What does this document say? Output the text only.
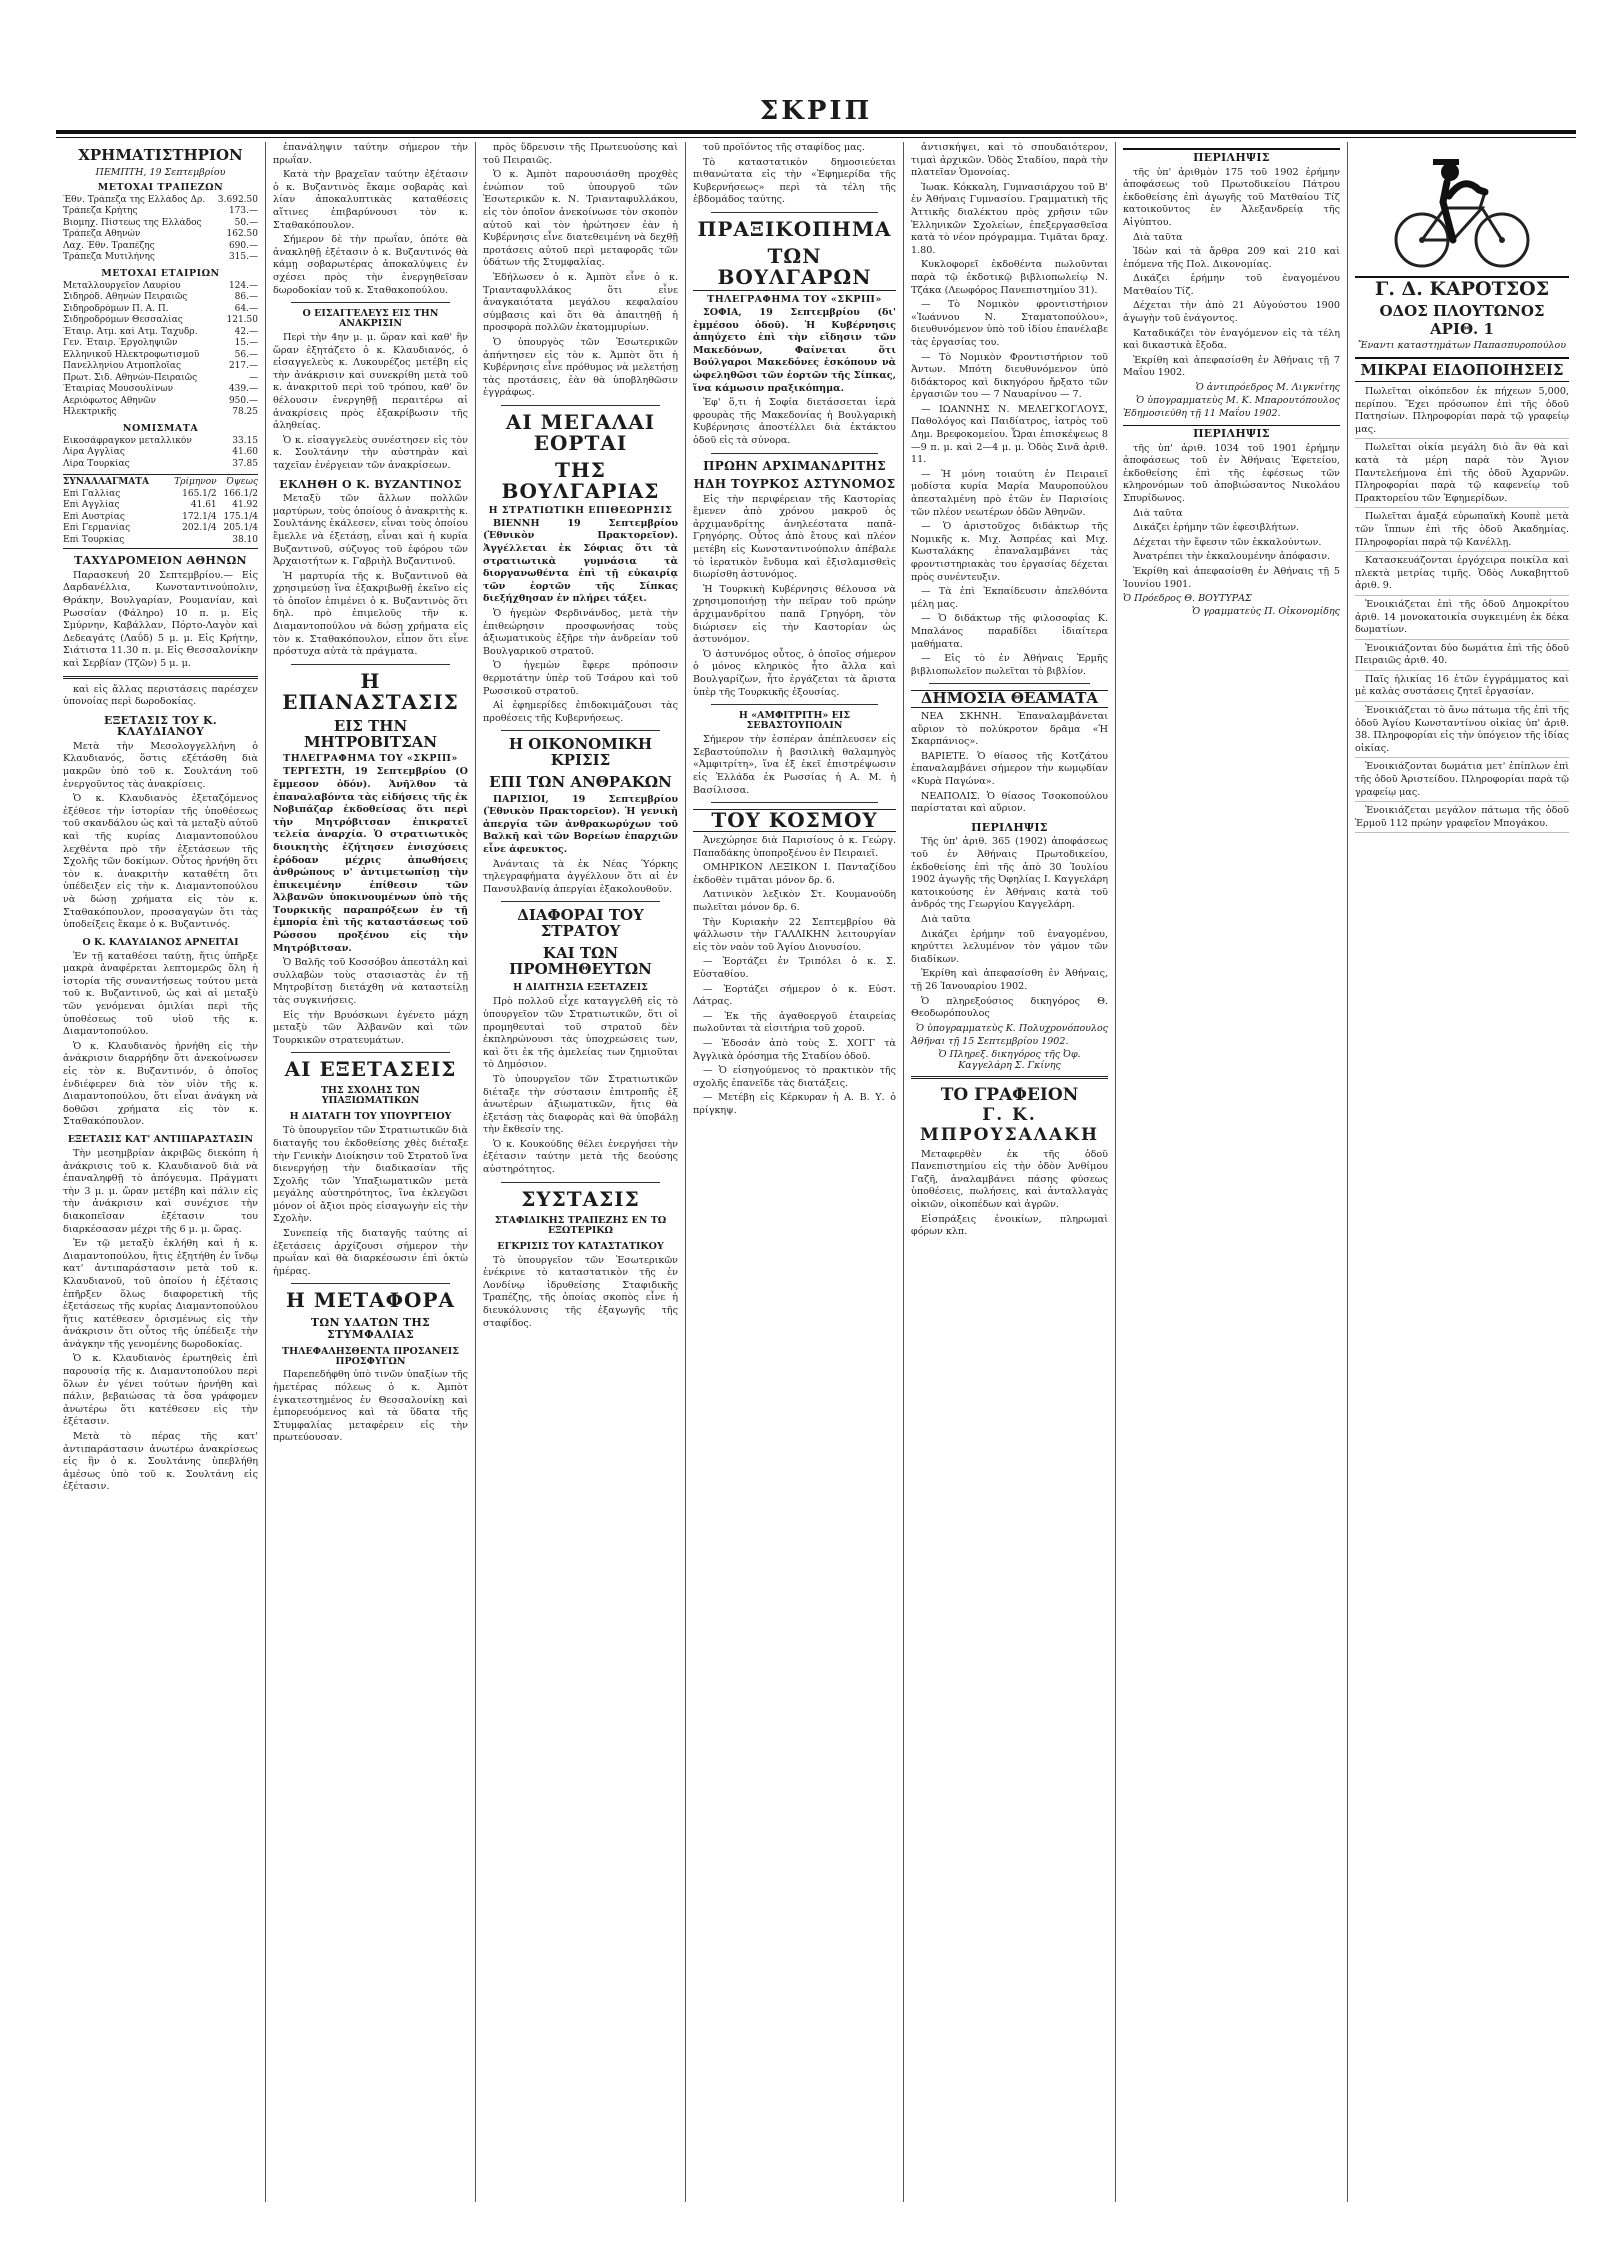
ΣΚΡΙΠ
ΧΡΗΜΑΤΙΣΤΗΡΙΟΝ
ΠΕΜΠΤΗ, 19 Σεπτεμβρίου
ΜΕΤΟΧΑΙ ΤΡΑΠΕΖΩΝ
Έθν. Τράπεζα της Ελλάδος Δρ.	3.692.50
Τράπεζα Κρήτης	173.—
Βιομηχ. Πίστεως της Ελλάδος	50.—
Τράπεζα Αθηνών	162.50
Λαχ. Έθν. Τραπέζης	690.—
Τράπεζα Μυτιλήνης	315.—
ΜΕΤΟΧΑΙ ΕΤΑΙΡΙΩΝ
Μεταλλουργεῖον Λαυρίου	124.—
Σιδηρόδ. Αθηνών Πειραιῶς	86.—
Σιδηροδρόμων Π. Α. Π.	64.—
Σιδηροδρόμων Θεσσαλίας	121.50
Έταιρ. Ατμ. καὶ Ατμ. Ταχυδρ.	42.—
Γεν. Έταιρ. Έργοληψιῶν	15.—
Ελληνικοῦ Ηλεκτροφωτισμοῦ	56.—
Πανελληνίου Ατμοπλοΐας	217.—
Πρωτ. Σιδ. Αθηνών-Πειραιῶς	—
Έταιρίας Μουσουλίνων	439.—
Αεριόφωτος Αθηνῶν	950.—
Ηλεκτρικῆς	78.25
ΝΟΜΙΣΜΑΤΑ
Εικοσάφραγκον μεταλλικόν	33.15
Λίρα Αγγλίας	41.60
Λίρα Τουρκίας	37.85
ΣΥΝΑΛΛΑΓΜΑΤΑ	Τρίμηνον	Όψεως
Επὶ Γαλλίας	165.1/2	166.1/2
Επὶ Αγγλίας	41.61	41.92
Επὶ Αυστρίας	172.1/4	175.1/4
Επὶ Γερμανίας	202.1/4	205.1/4
Επὶ Τουρκίας		38.10
ΤΑΧΥΔΡΟΜΕΙΟΝ ΑΘΗΝΩΝ

Παρασκευή 20 Σεπτεμβρίου.— Εἰς Δαρδανέλλια, Κωνσταντινούπολιν, Θράκην, Βουλγαρίαν, Ρουμανίαν, καὶ Ρωσσίαν (Φάληρο) 10 π. μ. Εἰς Σμύρνην, Καβάλλαν, Πόρτο-Λαγὸν καὶ Δεδεαγάτς (Λαΰδ) 5 μ. μ. Εἰς Κρήτην, Σιάτιστα 11.30 π. μ. Εἰς Θεσσαλονίκην καὶ Σερβίαν (Τζῶν) 5 μ. μ.

καὶ εἰς ἄλλας περιστάσεις παρέσχεν ὑπονοίας περὶ δωροδοκίας.

ΕΞΕΤΑΣΙΣ ΤΟΥ Κ. ΚΛΑΥΔΙΑΝΟΥ

Μετὰ τὴν Μεσολογγελλήνη ὁ Κλαυδιανός, ὅστις εξέτάσθη διὰ μακρῶν ὑπὸ τοῦ κ. Σουλτάνη τοῦ ἐνεργοῦντος τὰς ἀνακρίσεις.

Ὁ κ. Κλαυδιανὸς ἐξεταζόμενος ἐξέθεσε τὴν ἱστορίαν τῆς ὑποθέσεως τοῦ σκανδάλου ὡς καὶ τὰ μεταξὺ αὐτοῦ καὶ τῆς κυρίας Διαμαντοπούλου λεχθέντα πρὸ τῆν ἐξετάσεων τῆς Σχολῆς τῶν δοκίμων. Οὗτος ἠρνήθη ὅτι τὸν κ. ἀνακριτὴν καταθέτη ὅτι ὑπέδειξεν εἰς τὴν κ. Διαμαντοπούλου νὰ δώσῃ χρήματα εἰς τὸν κ. Σταθακόπουλον, προσαγαγὼν ὅτι τὰς ὑποδείξεις ἔκαμε ὁ κ. Βυζαντινός.

Ο Κ. ΚΛΑΥΔΙΑΝΟΣ ΑΡΝΕΙΤΑΙ

Ἐν τῇ καταθέσει ταύτῃ, ἥτις ὑπῆρξε μακρὰ ἀναφέρεται λεπτομερῶς ὅλη ἡ ἱστορία τῆς συναντήσεως τούτου μετὰ τοῦ κ. Βυζαντινοῦ, ὡς καὶ αἱ μεταξὺ τῶν γενόμεναι ὁμιλίαι περὶ τῆς ὑποθέσεως τοῦ υἱοῦ τῆς κ. Διαμαντοπούλου.

Ὁ κ. Κλαυδιανὸς ἠρνήθη εἰς τὴν ἀνάκρισιν διαρρήδην ὅτι ἀνεκοίνωσεν εἰς τὸν κ. Βυζαντινόν, ὁ ὁποῖος ἐνδιέφερεν διὰ τὸν υἱὸν τῆς κ. Διαμαντοπούλου, ὅτι εἶναι ἀνάγκη νὰ δοθῶσι χρήματα εἰς τὸν κ. Σταθακόπουλον.

ΕΞΕΤΑΣΙΣ ΚΑΤ' ΑΝΤΙΠΑΡΑΣΤΑΣΙΝ

Τὴν μεσημβρίαν ἀκριβῶς διεκόπη ἡ ἀνάκρισις τοῦ κ. Κλαυδιανοῦ διὰ νὰ ἐπαναληφθῇ τὸ ἀπόγευμα. Πράγματι τὴν 3 μ. μ. ὥραν μετέβη καὶ πάλιν εἰς τὴν ἀνάκρισιν καὶ συνέχισε τὴν διακοπεῖσαν ἐξέτασιν του διαρκέσασαν μέχρι τῆς 6 μ. μ. ὥρας.

Ἐν τῷ μεταξὺ ἐκλήθη καὶ ἡ κ. Διαμαντοπούλου, ἥτις ἐξητήθη ἐν ἴνδῳ κατ' ἀντιπαράστασιν μετὰ τοῦ κ. Κλαυδιανοῦ, τοῦ ὁποίου ἡ ἐξέτασις ἐπῆρξεν ὅλως διαφορετικὴ τῆς ἐξετάσεως τῆς κυρίας Διαμαντοπούλου ἥτις κατέθεσεν ὁρισμένως εἰς τὴν ἀνάκρισιν ὅτι οὗτος τῆς ὑπέδειξε τὴν ἀνάγκην τῆς γενομένης δωροδοκίας.

Ὁ κ. Κλαυδιανὸς ἐρωτηθεὶς ἐπὶ παρουσίᾳ τῆς κ. Διαμαντοπούλου περὶ ὅλων ἐν γένει τούτων ἠρνήθη καὶ πάλιν, βεβαιώσας τὰ ὅσα γράφομεν ἀνωτέρω ὅτι κατέθεσεν εἰς τὴν ἐξέτασιν.

Μετὰ τὸ πέρας τῆς κατ' ἀντιπαράστασιν ἀνωτέρω ἀνακρίσεως εἰς ἣν ὁ κ. Σουλτάνης ὑπεβλήθη ἀμέσως ὑπὸ τοῦ κ. Σουλτάνη εἰς ἐξέτασιν.

ἐπανάληψιν ταύτην σήμερον τὴν πρωΐαν.

Κατὰ τὴν βραχεῖαν ταύτην ἐξέτασιν ὁ κ. Βυζαντινὸς ἔκαμε σοβαρὰς καὶ λίαν ἀποκαλυπτικὰς καταθέσεις αἵτινες ἐπιβαρύνουσι τὸν κ. Σταθακόπουλον.

Σήμερον δὲ τὴν πρωΐαν, ὁπότε θὰ ἀνακληθῇ ἐξέτασιν ὁ κ. Βυζαντινός θὰ κάμῃ σοβαρωτέρας ἀποκαλύψεις ἐν σχέσει πρὸς τὴν ἐνεργηθεῖσαν δωροδοκίαν τοῦ κ. Σταθακοπούλου.

Ο ΕΙΣΑΓΓΕΛΕΥΣ ΕΙΣ ΤΗΝ ΑΝΑΚΡΙΣΙΝ

Περὶ τὴν 4ην μ. μ. ὥραν καὶ καθ' ἣν ὥραν ἐξητάζετο ὁ κ. Κλαυδιανός, ὁ εἰσαγγελεὺς κ. Λυκουρέζος μετέβη εἰς τὴν ἀνάκρισιν καὶ συνεκρίθη μετὰ τοῦ κ. ἀνακριτοῦ περὶ τοῦ τρόπου, καθ' ὃν θέλουσιν ἐνεργηθῇ περαιτέρω αἱ ἀνακρίσεις πρὸς ἐξακρίβωσιν τῆς ἀληθείας.

Ὁ κ. εἰσαγγελεὺς συνέστησεν εἰς τὸν κ. Σουλτάνην τὴν αὐστηρὰν καὶ ταχεῖαν ἐνέργειαν τῶν ἀνακρίσεων.

ΕΚΛΗΘΗ Ο Κ. ΒΥΖΑΝΤΙΝΟΣ

Μεταξὺ τῶν ἄλλων πολλῶν μαρτύρων, τοὺς ὁποίους ὁ ἀνακριτὴς κ. Σουλτάνης ἐκάλεσεν, εἶναι τοὺς ὁποίου ἔμελλε νὰ ἐξετάσῃ, εἶναι καὶ ἡ κυρία Βυζαντινοῦ, σύζυγος τοῦ ἐφόρου τῶν Ἀρχαιοτήτων κ. Γαβριὴλ Βυζαντινοῦ.

Ἡ μαρτυρία τῆς κ. Βυζαντινοῦ θὰ χρησιμεύσῃ ἵνα ἐξακριβωθῇ ἐκεῖνο εἰς τὸ ὁποῖον ἐπιμένει ὁ κ. Βυζαντινὸς ὅτι δηλ. πρὸ ἐπιμελοῦς τῆν κ. Διαμαντοπούλου νὰ δώσῃ χρήματα εἰς τὸν κ. Σταθακόπουλον, εἶπον ὅτι εἶνε πρόστυχα αὐτὰ τὰ πράγματα.

Η ΕΠΑΝΑΣΤΑΣΙΣ
ΕΙΣ ΤΗΝ ΜΗΤΡΟΒΙΤΣΑΝ
ΤΗΛΕΓΡΑΦΗΜΑ ΤΟΥ «ΣΚΡΙΠ»

ΤΕΡΓΕΣΤΗ, 19 Σεπτεμβρίου (Ο ἔμμεσον ὁδόν). Ἀνῆλθον τὰ ἐπαναλαβόντα τὰς εἰδήσεις τῆς ἐκ Νοβιπάζαρ ἐκδοθείσας ὅτι περὶ τὴν Μητρόβιτσαν ἐπικρατεῖ τελεία ἀναρχία. Ὁ στρατιωτικὸς διοικητὴς ἐζήτησεν ἐνισχύσεις ἐρόδοαν μέχρις ἀπωθήσεις ἀνθρώπους ν' ἀντιμετωπίσῃ τὴν ἐπικειμένην ἐπίθεσιν τῶν Ἀλβανῶν ὑποκινουμένων ὑπὸ τῆς Τουρκικῆς παραπρόξεων ἐν τῇ ἐμπορία ἐπὶ τῆς καταστάσεως τοῦ Ρώσσου προξένου εἰς τὴν Μητρόβιτσαν.

Ὁ Βαλῆς τοῦ Κοσσόβου ἀπεστάλη καὶ συλλαβὼν τοὺς στασιαστὰς ἐν τῇ Μητροβίτσῃ διετάχθη νὰ καταστείλῃ τὰς συγκινήσεις.

Εἰς τὴν Βρυόσκωνι ἐγένετο μάχη μεταξὺ τῶν Ἀλβανῶν καὶ τῶν Τουρκικῶν στρατευμάτων.

ΑΙ ΕΞΕΤΑΣΕΙΣ
ΤΗΣ ΣΧΟΛΗΣ ΤΩΝ ΥΠΑΞΙΩΜΑΤΙΚΩΝ
Η ΔΙΑΤΑΓΗ ΤΟΥ ΥΠΟΥΡΓΕΙΟΥ

Τὸ ὑπουργεῖον τῶν Στρατιωτικῶν διὰ διαταγῆς του ἐκδοθείσης χθὲς διέταξε τὴν Γενικὴν Διοίκησιν τοῦ Στρατοῦ ἵνα διενεργήσῃ τὴν διαδικασίαν τῆς Σχολῆς τῶν Ὑπαξιωματικῶν μετὰ μεγάλης αὐστηρότητος, ἵνα ἐκλεγῶσι μόνον οἱ ἄξιοι πρὸς εἰσαγωγὴν εἰς τὴν Σχολὴν.

Συνεπείᾳ τῆς διαταγῆς ταύτης αἱ ἐξετάσεις ἀρχίζουσι σήμερον τὴν πρωΐαν καὶ θὰ διαρκέσωσιν ἐπὶ ὀκτὼ ἡμέρας.

Η ΜΕΤΑΦΟΡΑ
ΤΩΝ ΥΔΑΤΩΝ ΤΗΣ ΣΤΥΜΦΑΛΙΑΣ
ΤΗΛΕΦΑΛΗΣΘΕΝΤΑ ΠΡΟΣΑΝΕΙΣ ΠΡΟΣΦΥΓΩΝ

Παρεπεδήφθη ὑπὸ τινῶν ὑπαξίων τῆς ἡμετέρας πόλεως ὁ κ. Ἀμπὸτ ἐγκατεστημένος ἐν Θεσσαλονίκῃ καὶ ἐμπορευόμενος καὶ τὰ ὕδατα τῆς Στυμφαλίας μεταφέρειν εἰς τὴν πρωτεύουσαν.

πρὸς ὕδρευσιν τῆς Πρωτευούσης καὶ τοῦ Πειραιῶς.

Ὁ κ. Ἀμπὸτ παρουσιάσθη προχθὲς ἐνώπιον τοῦ ὑπουργοῦ τῶν Ἐσωτερικῶν κ. Ν. Τριανταφυλλάκου, εἰς τὸν ὁποῖον ἀνεκοίνωσε τὸν σκοπὸν αὐτοῦ καὶ τὸν ἠρώτησεν ἐὰν ἡ Κυβέρνησις εἶνε διατεθειμένη νὰ δεχθῇ προτάσεις αὐτοῦ περὶ μεταφορᾶς τῶν ὑδάτων τῆς Στυμφαλίας.

Ἐδήλωσεν ὁ κ. Ἀμπὸτ εἶνε ὁ κ. Τριανταφυλλάκος ὅτι εἶνε ἀναγκαιότατα μεγάλου κεφαλαίου σύμβασις καὶ ὅτι θὰ ἀπαιτηθῇ ἡ προσφορὰ πολλῶν ἐκατομμυρίων.

Ὁ ὑπουργὸς τῶν Ἐσωτερικῶν ἀπήντησεν εἰς τὸν κ. Ἀμπὸτ ὅτι ἡ Κυβέρνησις εἶνε πρόθυμος νὰ μελετήσῃ τὰς προτάσεις, ἐὰν θὰ ὑποβληθῶσιν ἐγγράφως.

ΑΙ ΜΕΓΑΛΑΙ ΕΟΡΤΑΙ
ΤΗΣ ΒΟΥΛΓΑΡΙΑΣ
Η ΣΤΡΑΤΙΩΤΙΚΗ ΕΠΙΘΕΩΡΗΣΙΣ

ΒΙΕΝΝΗ 19 Σεπτεμβρίου (Ἐθνικὸν Πρακτορεῖον). Ἀγγέλλεται ἐκ Σόφιας ὅτι τὰ στρατιωτικὰ γυμνάσια τὰ διοργανωθέντα ἐπὶ τῇ εὐκαιρίᾳ τῶν ἑορτῶν τῆς Σίπκας διεξήχθησαν ἐν πλήρει τάξει.

Ὁ ἡγεμὼν Φερδινάνδος, μετὰ τὴν ἐπιθεώρησιν προσφωνήσας τοὺς ἀξιωματικοὺς ἐξῆρε τὴν ἀνδρείαν τοῦ Βουλγαρικοῦ στρατοῦ.

Ὁ ἡγεμὼν ἔφερε πρόποσιν θερμοτάτην ὑπὲρ τοῦ Τσάρου καὶ τοῦ Ρωσσικοῦ στρατοῦ.

Αἱ ἐφημερίδες ἐπιδοκιμάζουσι τὰς προθέσεις τῆς Κυβερνήσεως.

Η ΟΙΚΟΝΟΜΙΚΗ ΚΡΙΣΙΣ
ΕΠΙ ΤΩΝ ΑΝΘΡΑΚΩΝ

ΠΑΡΙΣΙΟΙ, 19 Σεπτεμβρίου (Ἐθνικὸν Πρακτορεῖον). Ἡ γενικὴ ἀπεργία τῶν ἀνθρακωρύχων τοῦ Βαλκῆ καὶ τῶν Βορείων ἐπαρχιῶν εἶνε ἀφευκτος.

Ἀνάνταις τὰ ἐκ Νέας Ὑόρκης τηλεγραφήματα ἀγγέλλουν ὅτι αἱ ἐν Πανσυλβανίᾳ ἀπεργίαι ἐξακολουθοῦν.

ΔΙΑΦΟΡΑΙ ΤΟΥ ΣΤΡΑΤΟΥ
ΚΑΙ ΤΩΝ ΠΡΟΜΗΘΕΥΤΩΝ
Η ΔΙΑΙΤΗΣΙΑ ΕΞΕΤΑΖΕΙΣ

Πρὸ πολλοῦ εἶχε καταγγελθῆ εἰς τὸ ὑπουργεῖον τῶν Στρατιωτικῶν, ὅτι οἱ προμηθευταὶ τοῦ στρατοῦ δὲν ἐκπληρώνουσι τὰς ὑποχρεώσεις των, καὶ ὅτι ἐκ τῆς ἀμελείας των ζημιοῦται τὸ Δημόσιον.

Τὸ ὑπουργεῖον τῶν Στρατιωτικῶν διέταξε τὴν σύστασιν ἐπιτροπῆς ἐξ ἀνωτέρων ἀξιωματικῶν, ἥτις θὰ ἐξετάσῃ τὰς διαφορὰς καὶ θὰ ὑποβάλῃ τὴν ἔκθεσίν της.

Ὁ κ. Κουκούδης θέλει ἐνεργήσει τὴν ἐξέτασιν ταύτην μετὰ τῆς δεούσης αὐστηρότητος.

ΣΥΣΤΑΣΙΣ
ΣΤΑΦΙΔΙΚΗΣ ΤΡΑΠΕΖΗΣ ΕΝ ΤΩ ΕΞΩΤΕΡΙΚΩ
ΕΓΚΡΙΣΙΣ ΤΟΥ ΚΑΤΑΣΤΑΤΙΚΟΥ

Τὸ ὑπουργεῖον τῶν Ἐσωτερικῶν ἐνέκρινε τὸ καταστατικὸν τῆς ἐν Λονδίνῳ ἱδρυθείσης Σταφιδικῆς Τραπέζης, τῆς ὁποίας σκοπὸς εἶνε ἡ διευκόλυνσις τῆς ἐξαγωγῆς τῆς σταφίδος.

τοῦ προϊόντος τῆς σταφίδος μας.

Τὸ καταστατικὸν δημοσιεύεται πιθανώτατα εἰς τὴν «Ἐφημερίδα τῆς Κυβερνήσεως» περὶ τὰ τέλη τῆς ἑβδομάδος ταύτης.

ΠΡΑΞΙΚΟΠΗΜΑ
ΤΩΝ ΒΟΥΛΓΑΡΩΝ
ΤΗΛΕΓΡΑΦΗΜΑ ΤΟΥ «ΣΚΡΙΠ»

ΣΟΦΙΑ, 19 Σεπτεμβρίου (δι' ἐμμέσου ὁδοῦ). Ἡ Κυβέρνησις ἀπηύχετο ἐπὶ τὴν εἴδησιν τῶν Μακεδόνων, Φαίνεται ὅτι Βούλγαροι Μακεδόνες ἐσκόπουν νὰ ὠφεληθῶσι τῶν ἑορτῶν τῆς Σίπκας, ἵνα κάμωσιν πραξικόπημα.

Ἐφ' ὅ,τι ἡ Σοφία διετάσσεται ἱερὰ φρουρὰς τῆς Μακεδονίας ἡ Βουλγαρικὴ Κυβέρνησις ἀποστέλλει διὰ ἐκτάκτου ὁδοῦ εἰς τὰ σύνορα.

ΠΡΩΗΝ ΑΡΧΙΜΑΝΔΡΙΤΗΣ
ΗΔΗ ΤΟΥΡΚΟΣ ΑΣΤΥΝΟΜΟΣ

Εἰς τὴν περιφέρειαν τῆς Καστορίας ἔμενεν ἀπὸ χρόνου μακροῦ ὁς ἀρχιμανδρίτης ἀνηλεέστατα παπᾶ-Γρηγόρης. Οὗτος ἀπὸ ἔτους καὶ πλέον μετέβη εἰς Κωνσταντινούπολιν ἀπέβαλε τὸ ἱερατικὸν ἔνδυμα καὶ ἐξισλαμισθεὶς διωρίσθη ἀστυνόμος.

Ἡ Τουρκικὴ Κυβέρνησις θέλουσα νὰ χρησιμοποιήσῃ τὴν πεῖραν τοῦ πρώην ἀρχιμανδρίτου παπᾶ Γρηγόρη, τὸν διώρισεν εἰς τὴν Καστορίαν ὡς ἀστυνόμον.

Ὁ ἀστυνόμος οὗτος, ὁ ὁποῖος σήμερον ὁ μόνος κληρικὸς ἦτο ἄλλα καὶ Βουλγαρίζων, ἦτο ἐργάζεται τὰ ἄριστα ὑπὲρ τῆς Τουρκικῆς ἐξουσίας.

Η «ΑΜΦΙΤΡΙΤΗ» ΕΙΣ ΣΕΒΑΣΤΟΥΠΟΛΙΝ

Σήμερον τὴν ἑσπέραν ἀπέπλευσεν εἰς Σεβαστούπολιν ἡ βασιλικὴ θαλαμηγὸς «Ἀμφιτρίτη», ἵνα ἐξ ἐκεῖ ἐπιστρέψωσιν εἰς Ἑλλάδα ἐκ Ρωσσίας ἡ Α. Μ. ἡ Βασίλισσα.

ΤΟΥ ΚΟΣΜΟΥ

Ἀνεχώρησε διὰ Παρισίους ὁ κ. Γεώργ. Παπαδάκης ὑποπροξένου ἐν Πειραιεῖ.

ΟΜΗΡΙΚΟΝ ΛΕΞΙΚΟΝ Ι. Πανταζίδου ἐκδοθὲν τιμᾶται μόνον δρ. 6.

Λατινικὸν λεξικὸν Στ. Κουμανούδη πωλεῖται μόνον δρ. 6.

Τὴν Κυριακὴν 22 Σεπτεμβρίου θὰ ψάλλωσιν τὴν ΓΑΛΛΙΚΗΝ λειτουργίαν εἰς τὸν ναὸν τοῦ Ἁγίου Διονυσίου.

— Ἑορτάζει ἐν Τριπόλει ὁ κ. Σ. Εὐσταθίου.

— Ἑορτάζει σήμερον ὁ κ. Εὐστ. Λάτρας.

— Ἐκ τῆς ἀγαθοεργοῦ ἑταιρείας πωλοῦνται τὰ εἰσιτήρια τοῦ χοροῦ.

— Ἐδοσάν ἀπὸ τοὺς Σ. ΧΟΓΓ τὰ Ἀγγλικὰ ὁρόσημα τῆς Σταδίου ὁδοῦ.

— Ὁ εἰσηγούμενος τὸ πρακτικὸν τῆς σχολῆς ἐπανεῖδε τὰς διατάξεις.

— Μετέβη εἰς Κέρκυραν ἡ Α. Β. Υ. ὁ πρίγκηψ.

ἀντισκήψει, καὶ τὸ σπουδαιότερον, τιμαὶ ἀρχικῶν. Ὁδὸς Σταδίου, παρὰ τὴν πλατεῖαν Ὁμονοίας.

Ἰωακ. Κόκκαλη, Γυμνασιάρχου τοῦ Β' ἐν Ἀθήναις Γυμνασίου. Γραμματικὴ τῆς Ἀττικῆς διαλέκτου πρὸς χρῆσιν τῶν Ἑλληνικῶν Σχολείων, ἐπεξεργασθεῖσα κατὰ τὸ νέον πρόγραμμα. Τιμᾶται δραχ. 1.80.

Κυκλοφορεῖ ἐκδοθέντα πωλοῦνται παρὰ τῷ ἐκδοτικῷ βιβλιοπωλείῳ Ν. Τζάκα (Λεωφόρος Πανεπιστημίου 31).

— Τὸ Νομικὸν φροντιστήριον «Ἰωάννου Ν. Σταματοπούλου», διευθυνόμενον ὑπὸ τοῦ ἰδίου ἐπανέλαβε τὰς ἐργασίας του.

— Τὸ Νομικὸν Φροντιστήριον τοῦ Ἀντων. Μπότη διευθυνόμενον ὑπὸ διδάκτορος καὶ δικηγόρου ἤρξατο τῶν ἐργασιῶν του — 7 Ναυαρίνου — 7.

— ΙΩΑΝΝΗΣ Ν. ΜΕΛΕΓΚΟΓΛΟΥΣ, Παθολόγος καὶ Παιδίατρος, ἰατρὸς τοῦ Δημ. Βρεφοκομείου. Ὧραι ἐπισκέψεως 8—9 π. μ. καὶ 2—4 μ. μ. Ὁδὸς Σινᾶ ἀριθ. 11.

— Ἡ μόνη τοιαύτη ἐν Πειραιεῖ μοδίστα κυρία Μαρία Μαυροπούλου ἀπεσταλμένη πρὸ ἐτῶν ἐν Παρισίοις τῶν πλέον νεωτέρων ὁδῶν Ἀθηνῶν.

— Ὁ ἀριστοῦχος διδάκτωρ τῆς Νομικῆς κ. Μιχ. Ἀσπρέας καὶ Μιχ. Κωσταλάκης ἐπαναλαμβάνει τὰς φροντιστηριακὰς του ἐργασίας δέχεται πρὸς συνέντευξιν.

— Τὰ ἐπὶ Ἐκπαίδευσιν ἀπελθόντα μέλη μας.

— Ὁ διδάκτωρ τῆς φιλοσοφίας Κ. Μπαλάνος παραδίδει ἰδιαίτερα μαθήματα.

— Εἰς τὸ ἐν Ἀθήναις Ἐρμῆς βιβλιοπωλεῖον πωλεῖται τὸ βιβλίον.

ΔΗΜΟΣΙΑ ΘΕΑΜΑΤΑ

ΝΕΑ ΣΚΗΝΗ. Ἐπαναλαμβάνεται αὔριον τὸ πολύκροτον δρᾶμα «Ἡ Σκαρπάνιος».

ΒΑΡΙΕΤΕ. Ὁ θίασος τῆς Κοτζάτου ἐπαναλαμβάνει σήμερον τὴν κωμῳδίαν «Κυρὰ Παγώνα».

ΝΕΑΠΟΛΙΣ. Ὁ θίασος Τσοκοπούλου παρίσταται καὶ αὔριον.

ΠΕΡΙΛΗΨΙΣ

Τῆς ὑπ' ἀριθ. 365 (1902) ἀποφάσεως τοῦ ἐν Ἀθήναις Πρωτοδικείου, ἐκδοθείσης ἐπὶ τῆς ἀπὸ 30 Ἰουλίου 1902 ἀγωγῆς τῆς Ὀφηλίας Ι. Καγγελάρη κατοικούσης ἐν Ἀθήναις κατὰ τοῦ ἀνδρός της Γεωργίου Καγγελάρη.

Διὰ ταῦτα

Δικάζει ἐρήμην τοῦ ἐναγομένου, κηρύττει λελυμένον τὸν γάμον τῶν διαδίκων.

Ἐκρίθη καὶ ἀπεφασίσθη ἐν Ἀθήναις, τῇ 26 Ἰανουαρίου 1902.

Ὁ πληρεξούσιος δικηγόρος Θ. Θεοδωρόπουλος

Ὁ ὑπογραμματεὺς Κ. Πολυχρονόπουλος
Ἀθῆναι τῇ 15 Σεπτεμβρίου 1902.
Ὁ Πληρεξ. δικηγόρος τῆς Ὀφ. Καγγελάρη Σ. Γκίνης
ΤΟ ΓΡΑΦΕΙΟΝ
Γ. Κ. ΜΠΡΟΥΣΑΛΑΚΗ

Μεταφερθὲν ἐκ τῆς ὁδοῦ Πανεπιστημίου εἰς τὴν ὁδὸν Ἀνθίμου Γαζῆ, ἀναλαμβάνει πάσης φύσεως ὑποθέσεις, πωλήσεις, καὶ ἀνταλλαγὰς οἰκιῶν, οἰκοπέδων καὶ ἀγρῶν.

Εἰσπράξεις ἐνοικίων, πληρωμαὶ φόρων κλπ.

ΠΕΡΙΛΗΨΙΣ

τῆς ὑπ' ἀριθμὸν 175 τοῦ 1902 ἐρήμην ἀποφάσεως τοῦ Πρωτοδικείου Πάτρου ἐκδοθείσης ἐπὶ ἀγωγῆς τοῦ Ματθαίου Τίζ κατοικοῦντος ἐν Ἀλεξανδρείᾳ τῆς Αἰγύπτου.

Διὰ ταῦτα

Ἰδὼν καὶ τὰ ἄρθρα 209 καὶ 210 καὶ ἑπόμενα τῆς Πολ. Δικονομίας.

Δικάζει ἐρήμην τοῦ ἐναγομένου Ματθαίου Τίζ.

Δέχεται τὴν ἀπὸ 21 Αὐγούστου 1900 ἀγωγὴν τοῦ ἐνάγοντος.

Καταδικάζει τὸν ἐναγόμενον εἰς τὰ τέλη καὶ δικαστικὰ ἔξοδα.

Ἐκρίθη καὶ ἀπεφασίσθη ἐν Ἀθήναις τῇ 7 Μαΐου 1902.

Ὁ ἀντιπρόεδρος Μ. Λιγκνίτης
Ὁ ὑπογραμματεὺς Μ. Κ. Μπαρουτόπουλος
Ἐδημοσιεύθη τῇ 11 Μαΐου 1902.
ΠΕΡΙΛΗΨΙΣ

τῆς ὑπ' ἀριθ. 1034 τοῦ 1901 ἐρήμην ἀποφάσεως τοῦ ἐν Ἀθήναις Ἐφετείου, ἐκδοθείσης ἐπὶ τῆς ἐφέσεως τῶν κληρονόμων τοῦ ἀποβιώσαντος Νικολάου Σπυρίδωνος.

Διὰ ταῦτα

Δικάζει ἐρήμην τῶν ἐφεσιβλήτων.

Δέχεται τὴν ἔφεσιν τῶν ἐκκαλούντων.

Ἀνατρέπει τὴν ἐκκαλουμένην ἀπόφασιν.

Ἐκρίθη καὶ ἀπεφασίσθη ἐν Ἀθήναις τῇ 5 Ἰουνίου 1901.

Ὁ Πρόεδρος Θ. ΒΟΥΤΥΡΑΣ
Ὁ γραμματεὺς Π. Οἰκονομίδης
Γ. Δ. ΚΑΡΟΤΣΟΣ
ΟΔΟΣ ΠΛΟΥΤΩΝΟΣ ΑΡΙΘ. 1
Ἔναντι καταστημάτων Παπασπυροπούλου
ΜΙΚΡΑΙ ΕΙΔΟΠΟΙΗΣΕΙΣ

Πωλεῖται οἰκόπεδον ἐκ πήχεων 5,000, περίπου. Ἔχει πρόσωπον ἐπὶ τῆς ὁδοῦ Πατησίων. Πληροφορίαι παρὰ τῷ γραφείῳ μας.

Πωλεῖται οἰκία μεγάλη διὸ ἂν θὰ καὶ κατὰ τὰ μέρη παρὰ τὸν Ἅγιον Παντελεήμονα ἐπὶ τῆς ὁδοῦ Ἀχαρνῶν. Πληροφορίαι παρὰ τῷ καφενείῳ τοῦ Πρακτορείου τῶν Ἐφημερίδων.

Πωλεῖται ἁμαξά εὐρωπαϊκὴ Κουπὲ μετὰ τῶν ἵππων ἐπὶ τῆς ὁδοῦ Ἀκαδημίας. Πληροφορίαι παρὰ τῷ Κανέλλῃ.

Κατασκευάζονται ἐργόχειρα ποικίλα καὶ πλεκτὰ μετρίας τιμῆς. Ὁδὸς Λυκαβηττοῦ ἀριθ. 9.

Ἐνοικιάζεται ἐπὶ τῆς ὁδοῦ Δημοκρίτου ἀριθ. 14 μονοκατοικία συγκειμένη ἐκ δέκα δωματίων.

Ἐνοικιάζονται δύο δωμάτια ἐπὶ τῆς ὁδοῦ Πειραιῶς ἀριθ. 40.

Παῖς ἡλικίας 16 ἐτῶν ἐγγράμματος καὶ μὲ καλὰς συστάσεις ζητεῖ ἐργασίαν.

Ἐνοικιάζεται τὸ ἄνω πάτωμα τῆς ἐπὶ τῆς ὁδοῦ Ἀγίου Κωνσταντίνου οἰκίας ὑπ' ἀριθ. 38. Πληροφορίαι εἰς τὴν ὑπόγειον τῆς ἰδίας οἰκίας.

Ἐνοικιάζονται δωμάτια μετ' ἐπίπλων ἐπὶ τῆς ὁδοῦ Ἀριστείδου. Πληροφορίαι παρὰ τῷ γραφείῳ μας.

Ἐνοικιάζεται μεγάλον πάτωμα τῆς ὁδοῦ Ἑρμοῦ 112 πρώην γραφεῖον Μπογάκου.
